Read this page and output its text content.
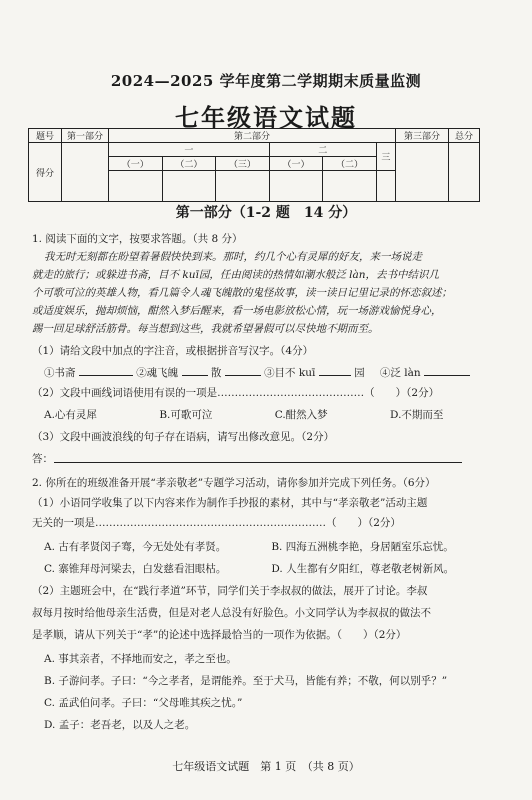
2024—2025 学年度第二学期期末质量监测
七年级语文试题
题号	第一部分	第二部分						第三部分	总分
得分		一			二		三		
		（一）	（二）	（三）	（一）	（二）			

第一部分（1-2 题　14 分）
1. 阅读下面的文字，按要求答题。（共 8 分）
我无时无刻都在盼望着暑假快快到来。那时，约几个心有灵犀的好友，来一场说走
就走的旅行；或躲进书斋，目不 kuī园，任由阅读的热情如潮水般泛 làn，去书中结识几
个可歌可泣的英雄人物，看几篇令人魂飞魄散的鬼怪故事，读一读日记里记录的怀恋叙述；
或适度娱乐，抛却烦恼，酣然入梦后醒来，看一场电影放松心情，玩一场游戏愉悦身心，
踢一回足球舒活筋骨。每当想到这些，我就希望暑假可以尽快地不期而至。
（1）请给文段中加点的字注音，或根据拼音写汉字。（4分）
①书斋	②魂飞魄	散	③目不 kuī	园 ④泛 làn
（2）文段中画线词语使用有误的一项是……………………………………（　　）（2分）
A.心有灵犀	B.可歌可泣	C.酣然入梦	D.不期而至
（3）文段中画波浪线的句子存在语病，请写出修改意见。（2分）
答：
2. 你所在的班级准备开展“孝亲敬老”专题学习活动，请你参加并完成下列任务。（6分）
（1）小语同学收集了以下内容来作为制作手抄报的素材，其中与“孝亲敬老”活动主题
无关的一项是…………………………………………………………（　　）（2分）
A. 古有孝贤闵子骞，今无处处有孝贤。	B. 四海五洲桃李艳，身居陋室乐忘忧。
C. 寨锥拜母河梁去，白发慈看泪眼枯。	D. 人生都有夕阳红，尊老敬老树新风。
（2）主题班会中，在“践行孝道”环节，同学们关于李叔叔的做法，展开了讨论。李叔
叔每月按时给他母亲生活费，但是对老人总没有好脸色。小文同学认为李叔叔的做法不
是孝顺，请从下列关于“孝”的论述中选择最恰当的一项作为依据。（　　）（2分）
A. 事其亲者，不择地而安之，孝之至也。
B. 子游问孝。子曰：“今之孝者，是谓能养。至于犬马，皆能有养；不敬，何以别乎？”
C. 孟武伯问孝。子曰：“父母唯其疾之忧。”
D. 孟子：老吾老，以及人之老。
七年级语文试题　第 1 页　（共 8 页）
